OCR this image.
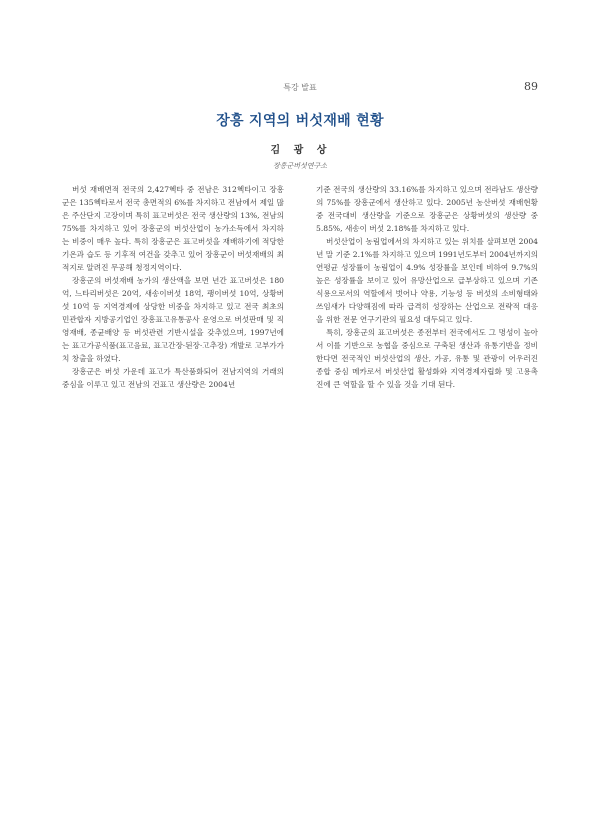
특강 발표	89
장흥 지역의 버섯재배 현황
김 광 상
장흥군버섯연구소

버섯 재배면적 전국의 2,427헥타 중 전남은 312헥타이고 장흥군은 135헥타로서 전국 총면적의 6%를 차지하고 전남에서 제일 많은 주산단지 고장이며 특히 표고버섯은 전국 생산량의 13%, 전남의 75%를 차지하고 있어 장흥군의 버섯산업이 농가소득에서 차지하는 비중이 매우 높다. 특히 장흥군은 표고버섯을 재배하기에 적당한 기온과 습도 등 기후적 여건을 갖추고 있어 장흥군이 버섯재배의 최적지로 알려진 무공해 청정지역이다.

장흥군의 버섯재배 농가의 생산액을 보면 년간 표고버섯은 180억, 느타리버섯은 20억, 새송이버섯 18억, 팽이버섯 10억, 상황버섯 10억 등 지역경제에 상당한 비중을 차지하고 있고 전국 최초의 민관합자 지방공기업인 장흥표고유통공사 운영으로 버섯판매 및 직영재배, 종균배양 등 버섯관련 기반시설을 갖추었으며, 1997년에는 표고가공식품(표고음료, 표고간장·된장·고추장) 개발로 고부가가치 창출을 하였다.

장흥군은 버섯 가운데 표고가 특산품화되어 전남지역의 거래의 중심을 이루고 있고 전남의 건표고 생산량은 2004년

기준 전국의 생산량의 33.16%를 차지하고 있으며 전라남도 생산량의 75%를 장흥군에서 생산하고 있다. 2005년 농산버섯 재배현황 중 전국대비 생산량을 기준으로 장흥군은 상황버섯의 생산량 중 5.85%, 새송이 버섯 2.18%를 차지하고 있다.

버섯산업이 농림업에서의 차지하고 있는 위치를 살펴보면 2004년 말 기준 2.1%를 차지하고 있으며 1991년도부터 2004년까지의 연평균 성장률이 농림업이 4.9% 성장률을 보인데 비하여 9.7%의 높은 성장률을 보이고 있어 유망산업으로 급부상하고 있으며 기존 식용으로서의 역할에서 벗어나 약용, 기능성 등 버섯의 소비형태와 쓰임새가 다양해짐에 따라 급격히 성장하는 산업으로 전략적 대응을 위한 전문 연구기관의 필요성 대두되고 있다.

특히, 장흥군의 표고버섯은 종전부터 전국에서도 그 명성이 높아서 이를 기반으로 농협을 중심으로 구축된 생산과 유통기반을 정비한다면 전국적인 버섯산업의 생산, 가공, 유통 및 관광이 어우러진 종합 중심 메카로서 버섯산업 활성화와 지역경제자립화 및 고용촉진에 큰 역할을 할 수 있을 것을 기대 된다.
